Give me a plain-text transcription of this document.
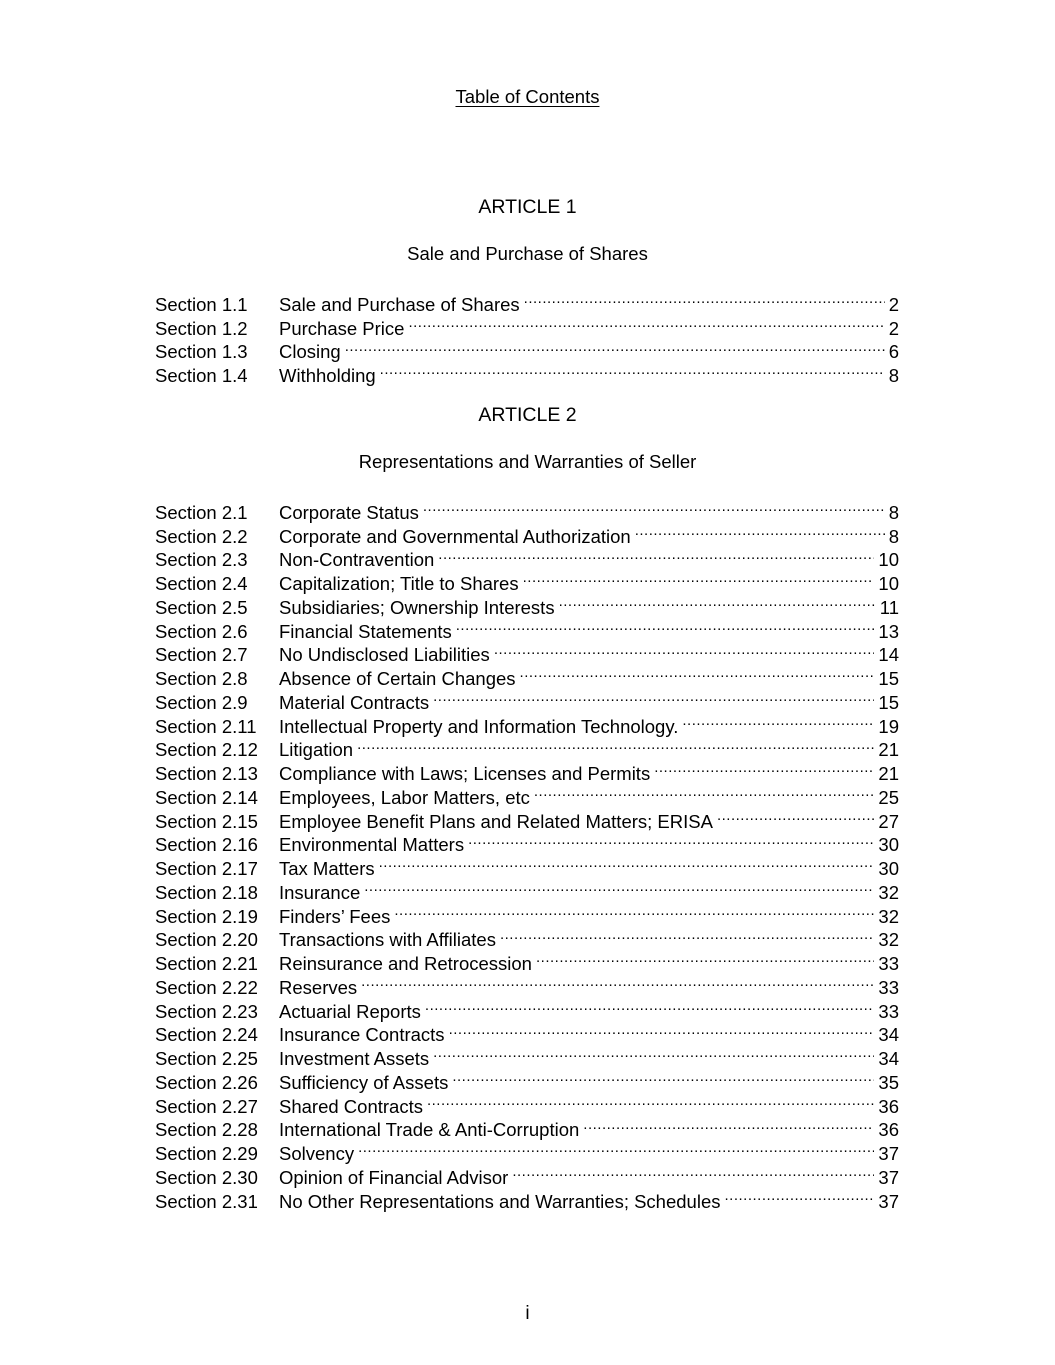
Table of Contents
ARTICLE 1
Sale and Purchase of Shares
Section 1.1	Sale and Purchase of Shares .....	2
Section 1.2	Purchase Price .....	2
Section 1.3	Closing .....	6
Section 1.4	Withholding .....	8
ARTICLE 2
Representations and Warranties of Seller
Section 2.1	Corporate Status .....	8
Section 2.2	Corporate and Governmental Authorization .....	8
Section 2.3	Non-Contravention .....	10
Section 2.4	Capitalization; Title to Shares .....	10
Section 2.5	Subsidiaries; Ownership Interests .....	11
Section 2.6	Financial Statements .....	13
Section 2.7	No Undisclosed Liabilities .....	14
Section 2.8	Absence of Certain Changes .....	15
Section 2.9	Material Contracts .....	15
Section 2.11	Intellectual Property and Information Technology. .....	19
Section 2.12	Litigation .....	21
Section 2.13	Compliance with Laws; Licenses and Permits .....	21
Section 2.14	Employees, Labor Matters, etc .....	25
Section 2.15	Employee Benefit Plans and Related Matters; ERISA .....	27
Section 2.16	Environmental Matters .....	30
Section 2.17	Tax Matters .....	30
Section 2.18	Insurance .....	32
Section 2.19	Finders’ Fees .....	32
Section 2.20	Transactions with Affiliates .....	32
Section 2.21	Reinsurance and Retrocession .....	33
Section 2.22	Reserves .....	33
Section 2.23	Actuarial Reports .....	33
Section 2.24	Insurance Contracts .....	34
Section 2.25	Investment Assets .....	34
Section 2.26	Sufficiency of Assets .....	35
Section 2.27	Shared Contracts .....	36
Section 2.28	International Trade & Anti-Corruption .....	36
Section 2.29	Solvency .....	37
Section 2.30	Opinion of Financial Advisor .....	37
Section 2.31	No Other Representations and Warranties; Schedules .....	37
i
